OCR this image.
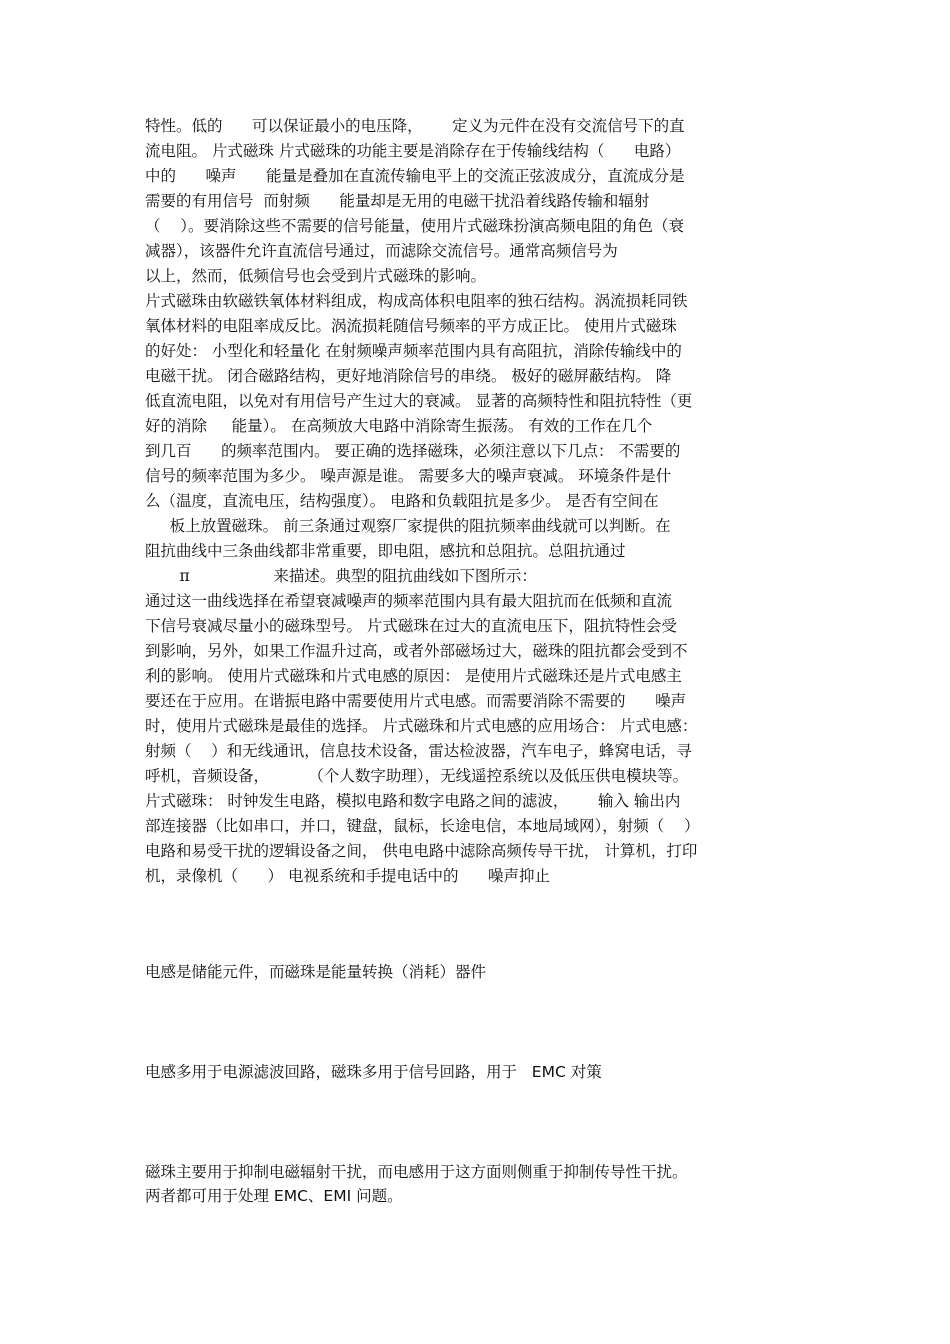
特性。低的      可以保证最小的电压降，      定义为元件在没有交流信号下的直
流电阻。 片式磁珠 片式磁珠的功能主要是消除存在于传输线结构（      电路）
中的      噪声      能量是叠加在直流传输电平上的交流正弦波成分，直流成分是
需要的有用信号  而射频      能量却是无用的电磁干扰沿着线路传输和辐射
（    ）。要消除这些不需要的信号能量，使用片式磁珠扮演高频电阻的角色（衰
减器），该器件允许直流信号通过，而滤除交流信号。通常高频信号为
以上，然而，低频信号也会受到片式磁珠的影响。
片式磁珠由软磁铁氧体材料组成，构成高体积电阻率的独石结构。涡流损耗同铁
氧体材料的电阻率成反比。涡流损耗随信号频率的平方成正比。 使用片式磁珠
的好处： 小型化和轻量化 在射频噪声频率范围内具有高阻抗，消除传输线中的
电磁干扰。 闭合磁路结构，更好地消除信号的串绕。 极好的磁屏蔽结构。 降
低直流电阻，以免对有用信号产生过大的衰减。 显著的高频特性和阻抗特性（更
好的消除     能量）。 在高频放大电路中消除寄生振荡。 有效的工作在几个
到几百      的频率范围内。 要正确的选择磁珠，必须注意以下几点： 不需要的
信号的频率范围为多少。 噪声源是谁。 需要多大的噪声衰减。 环境条件是什
么（温度，直流电压，结构强度）。 电路和负载阻抗是多少。 是否有空间在
板上放置磁珠。 前三条通过观察厂家提供的阻抗频率曲线就可以判断。在
阻抗曲线中三条曲线都非常重要，即电阻，感抗和总阻抗。总阻抗通过
π                 来描述。典型的阻抗曲线如下图所示：
通过这一曲线选择在希望衰减噪声的频率范围内具有最大阻抗而在低频和直流
下信号衰减尽量小的磁珠型号。 片式磁珠在过大的直流电压下，阻抗特性会受
到影响，另外，如果工作温升过高，或者外部磁场过大，磁珠的阻抗都会受到不
利的影响。 使用片式磁珠和片式电感的原因： 是使用片式磁珠还是片式电感主
要还在于应用。在谐振电路中需要使用片式电感。而需要消除不需要的      噪声
时，使用片式磁珠是最佳的选择。 片式磁珠和片式电感的应用场合： 片式电感：
射频（    ）和无线通讯，信息技术设备，雷达检波器，汽车电子，蜂窝电话，寻
呼机，音频设备，        （个人数字助理），无线遥控系统以及低压供电模块等。
片式磁珠： 时钟发生电路，模拟电路和数字电路之间的滤波，      输入 输出内
部连接器（比如串口，并口，键盘，鼠标，长途电信，本地局域网），射频（    ）
电路和易受干扰的逻辑设备之间， 供电电路中滤除高频传导干扰， 计算机，打印
机，录像机（      ） 电视系统和手提电话中的      噪声抑止
电感是储能元件，而磁珠是能量转换（消耗）器件
电感多用于电源滤波回路，磁珠多用于信号回路，用于   EMC 对策
磁珠主要用于抑制电磁辐射干扰，而电感用于这方面则侧重于抑制传导性干扰。
两者都可用于处理 EMC、EMI 问题。
